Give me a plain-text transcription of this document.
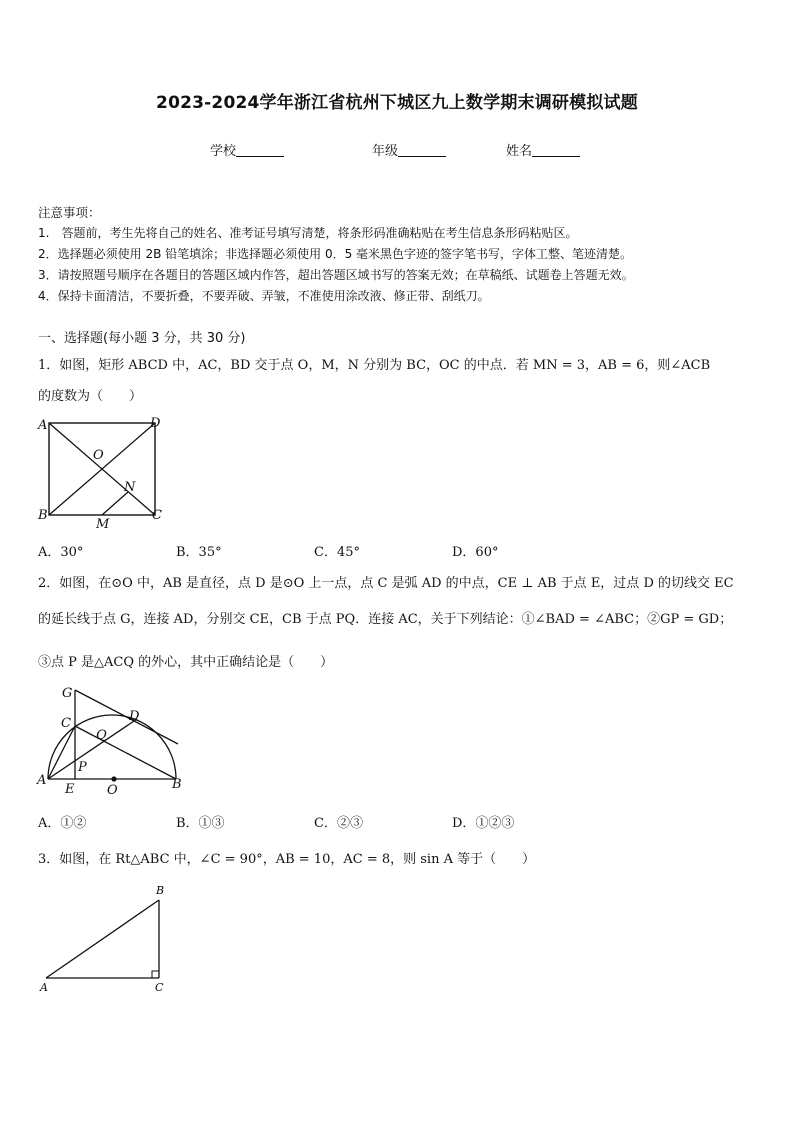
2023-2024学年浙江省杭州下城区九上数学期末调研模拟试题
学校	年级	姓名
注意事项：
1.　答题前，考生先将自己的姓名、准考证号填写清楚，将条形码准确粘贴在考生信息条形码粘贴区。
2．选择题必须使用 2B 铅笔填涂；非选择题必须使用 0．5 毫米黑色字迹的签字笔书写，字体工整、笔迹清楚。
3．请按照题号顺序在各题目的答题区域内作答，超出答题区域书写的答案无效；在草稿纸、试题卷上答题无效。
4．保持卡面清洁，不要折叠，不要弄破、弄皱，不准使用涂改液、修正带、刮纸刀。
一、选择题(每小题 3 分，共 30 分)
1．如图，矩形 ABCD 中，AC，BD 交于点 O，M，N 分别为 BC，OC 的中点．若 MN = 3，AB = 6，则∠ACB
的度数为（　　）
A	D
B	C
O
N
M
A．30°	B．35°	C．45°	D．60°
2．如图，在⊙O 中，AB 是直径，点 D 是⊙O 上一点，点 C 是弧 AD 的中点，CE ⊥ AB 于点 E，过点 D 的切线交 EC
的延长线于点 G，连接 AD，分别交 CE，CB 于点 PQ．连接 AC，关于下列结论：①∠BAD = ∠ABC；②GP = GD；
③点 P 是△ACQ 的外心，其中正确结论是（　　）
G
C	D
Q
P
A
E	O	B
A．①②	B．①③	C．②③	D．①②③
3．如图，在 Rt△ABC 中，∠C = 90°，AB = 10，AC = 8，则 sin A 等于（　　）
B
A	C
